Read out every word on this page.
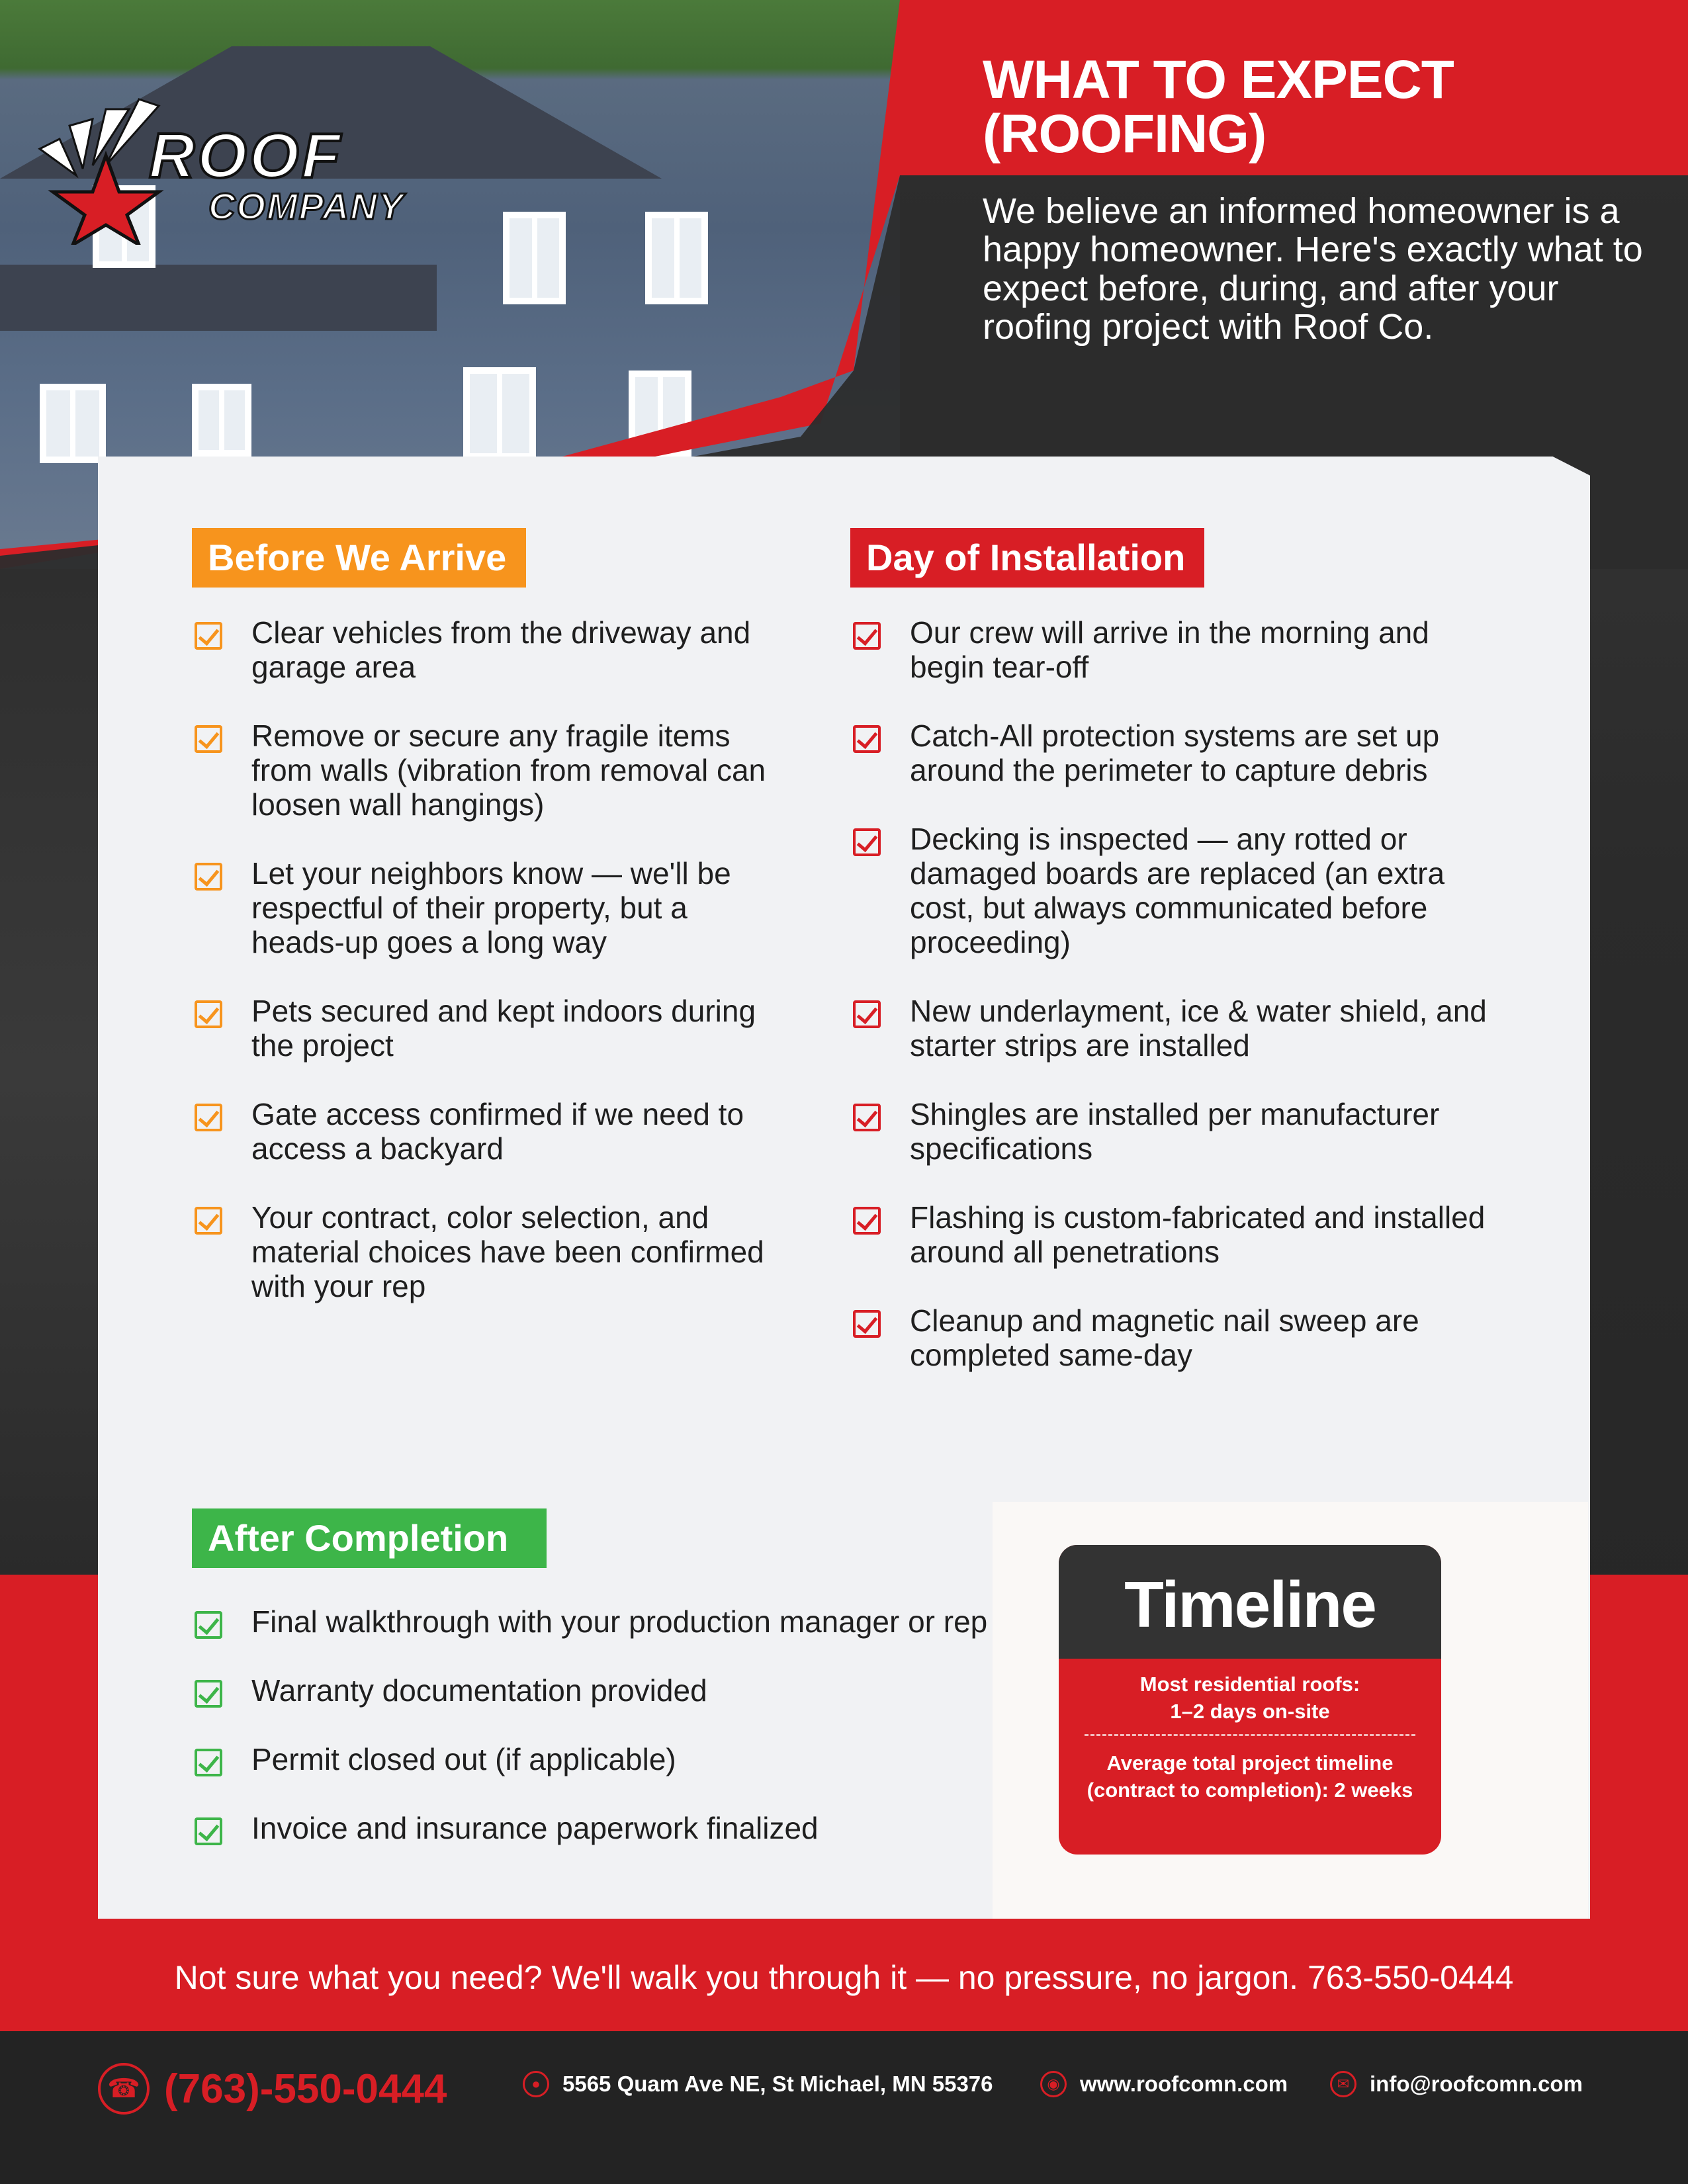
ROOF
COMPANY
WHAT TO EXPECT
(ROOFING)
We believe an informed homeowner is a happy homeowner. Here's exactly what to expect before, during, and after your roofing project with Roof Co.
Before We Arrive
Clear vehicles from the driveway and garage area
Remove or secure any fragile items from walls (vibration from removal can loosen wall hangings)
Let your neighbors know — we'll be respectful of their property, but a heads-up goes a long way
Pets secured and kept indoors during the project
Gate access confirmed if we need to access a backyard
Your contract, color selection, and material choices have been confirmed with your rep
Day of Installation
Our crew will arrive in the morning and begin tear-off
Catch-All protection systems are set up around the perimeter to capture debris
Decking is inspected — any rotted or damaged boards are replaced (an extra cost, but always communicated before proceeding)
New underlayment, ice & water shield, and starter strips are installed
Shingles are installed per manufacturer specifications
Flashing is custom-fabricated and installed around all penetrations
Cleanup and magnetic nail sweep are completed same-day
After Completion
Final walkthrough with your production manager or rep
Warranty documentation provided
Permit closed out (if applicable)
Invoice and insurance paperwork finalized
Timeline
Most residential roofs:
1–2 days on-site
Average total project timeline
(contract to completion): 2 weeks
Not sure what you need? We'll walk you through it — no pressure, no jargon. 763-550-0444
☎ (763)-550-0444	●	5565 Quam Ave NE, St Michael, MN 55376	◉ www.roofcomn.com	✉ info@roofcomn.com
